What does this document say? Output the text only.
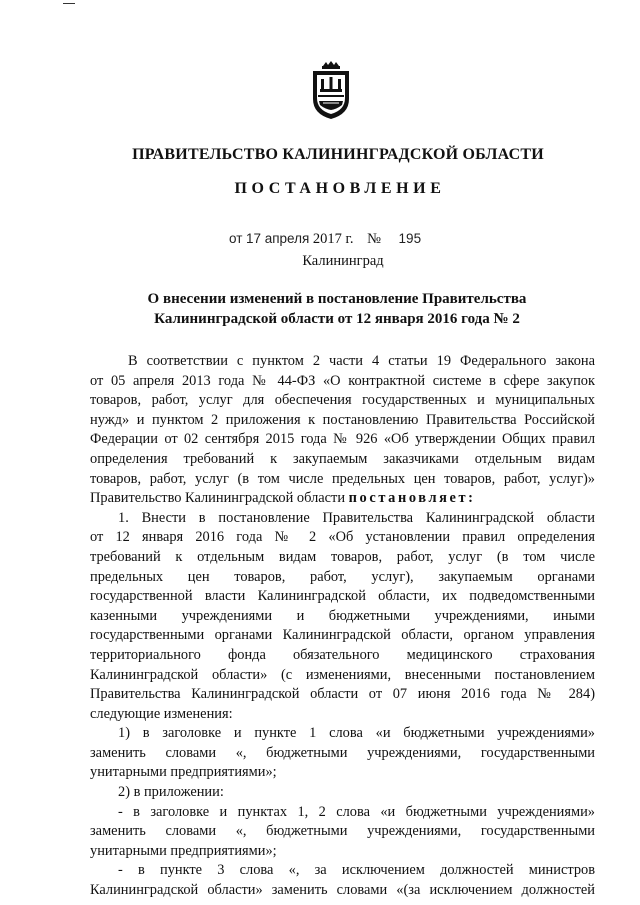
ПРАВИТЕЛЬСТВО КАЛИНИНГРАДСКОЙ ОБЛАСТИ
ПОСТАНОВЛЕНИЕ
от 17 апреля 2017 г. № 195
Калининград
О внесении изменений в постановление Правительства
Калининградской области от 12 января 2016 года № 2
В соответствии с пунктом 2 части 4 статьи 19 Федерального закона
от 05 апреля 2013 года № 44-ФЗ «О контрактной системе в сфере закупок
товаров, работ, услуг для обеспечения государственных и муниципальных
нужд» и пунктом 2 приложения к постановлению Правительства Российской
Федерации от 02 сентября 2015 года № 926 «Об утверждении Общих правил
определения требований к закупаемым заказчиками отдельным видам
товаров, работ, услуг (в том числе предельных цен товаров, работ, услуг)»
Правительство Калининградской области постановляет:
1. Внести в постановление Правительства Калининградской области
от 12 января 2016 года № 2 «Об установлении правил определения
требований к отдельным видам товаров, работ, услуг (в том числе
предельных цен товаров, работ, услуг), закупаемым органами
государственной власти Калининградской области, их подведомственными
казенными учреждениями и бюджетными учреждениями, иными
государственными органами Калининградской области, органом управления
территориального фонда обязательного медицинского страхования
Калининградской области» (с изменениями, внесенными постановлением
Правительства Калининградской области от 07 июня 2016 года № 284)
следующие изменения:
1) в заголовке и пункте 1 слова «и бюджетными учреждениями»
заменить словами «, бюджетными учреждениями, государственными
унитарными предприятиями»;
2) в приложении:
- в заголовке и пунктах 1, 2 слова «и бюджетными учреждениями»
заменить словами «, бюджетными учреждениями, государственными
унитарными предприятиями»;
- в пункте 3 слова «, за исключением должностей министров
Калининградской области» заменить словами «(за исключением должностей
